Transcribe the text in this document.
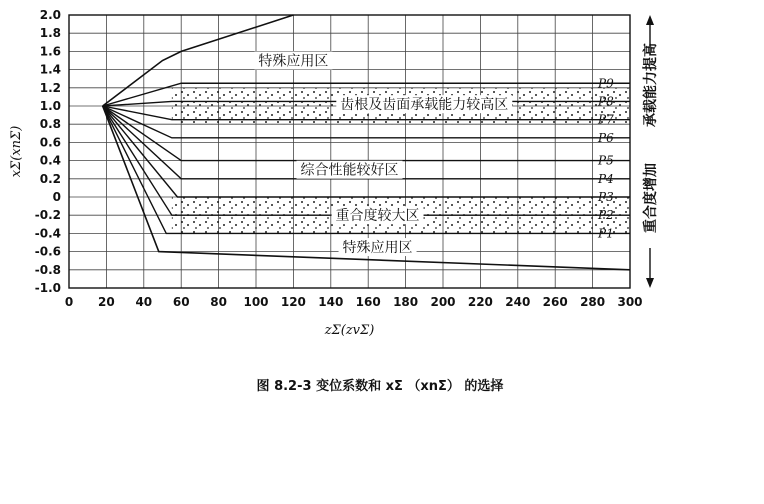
P9
P8
P7
P6
P5
P4
P3
P2
P1
0 20 40 60 80 100 120 140 160 180 200 220 240 260 280 300
2.0
1.8
1.6
1.4
1.2
1.0
0.8
0.6
0.4
0.2
0
-0.2
-0.4
-0.6
-0.8
-1.0
特殊应用区
齿根及齿面承载能力较高区
综合性能较好区
重合度较大区
特殊应用区
zΣ(zvΣ)
xΣ(xnΣ)
承载能力提高
重合度增加
图 8.2-3 变位系数和 xΣ （xnΣ） 的选择
